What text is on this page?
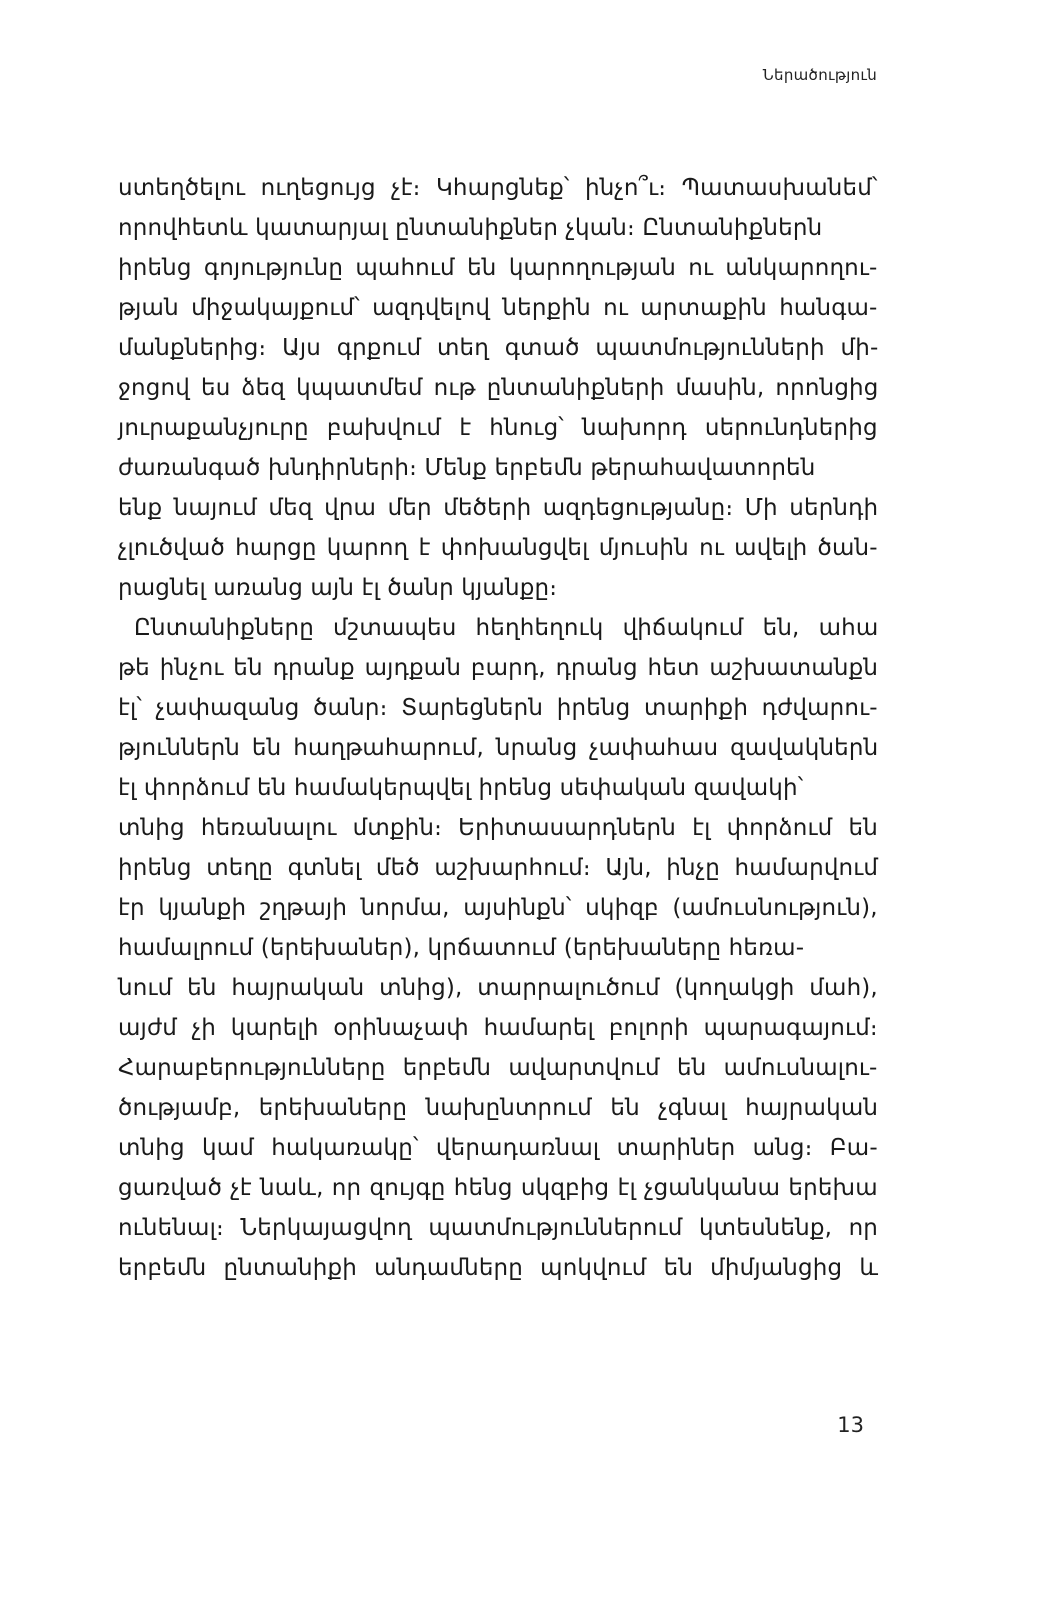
Ներածություն
ստեղծելու ուղեցույց չէ։ Կհարցնեք՝ ինչո՞ւ։ Պատասխանեմ՝
որովհետև կատարյալ ընտանիքներ չկան։ Ընտանիքներն
իրենց գոյությունը պահում են կարողության ու անկարողու-
թյան միջակայքում՝ ազդվելով ներքին ու արտաքին հանգա-
մանքներից։ Այս գրքում տեղ գտած պատմությունների մի-
ջոցով ես ձեզ կպատմեմ ութ ընտանիքների մասին, որոնցից
յուրաքանչյուրը բախվում է հնուց՝ նախորդ սերունդներից
ժառանգած խնդիրների։ Մենք երբեմն թերահավատորեն
ենք նայում մեզ վրա մեր մեծերի ազդեցությանը։ Մի սերնդի
չլուծված հարցը կարող է փոխանցվել մյուսին ու ավելի ծան-
րացնել առանց այն էլ ծանր կյանքը։
Ընտանիքները մշտապես հեղհեղուկ վիճակում են, ահա
թե ինչու են դրանք այդքան բարդ, դրանց հետ աշխատանքն
էլ՝ չափազանց ծանր։ Տարեցներն իրենց տարիքի դժվարու-
թյուններն են հաղթահարում, նրանց չափահաս զավակներն
էլ փորձում են համակերպվել իրենց սեփական զավակի՝
տնից հեռանալու մտքին։ Երիտասարդներն էլ փորձում են
իրենց տեղը գտնել մեծ աշխարհում։ Այն, ինչը համարվում
էր կյանքի շղթայի նորմա, այսինքն՝ սկիզբ (ամուսնություն),
համալրում (երեխաներ), կրճատում (երեխաները հեռա-
նում են հայրական տնից), տարրալուծում (կողակցի մահ),
այժմ չի կարելի օրինաչափ համարել բոլորի պարագայում։
Հարաբերությունները երբեմն ավարտվում են ամուսնալու-
ծությամբ, երեխաները նախընտրում են չգնալ հայրական
տնից կամ հակառակը՝ վերադառնալ տարիներ անց։ Բա-
ցառված չէ նաև, որ զույգը հենց սկզբից էլ չցանկանա երեխա
ունենալ։ Ներկայացվող պատմություններում կտեսնենք, որ
երբեմն ընտանիքի անդամները պոկվում են միմյանցից և
13
